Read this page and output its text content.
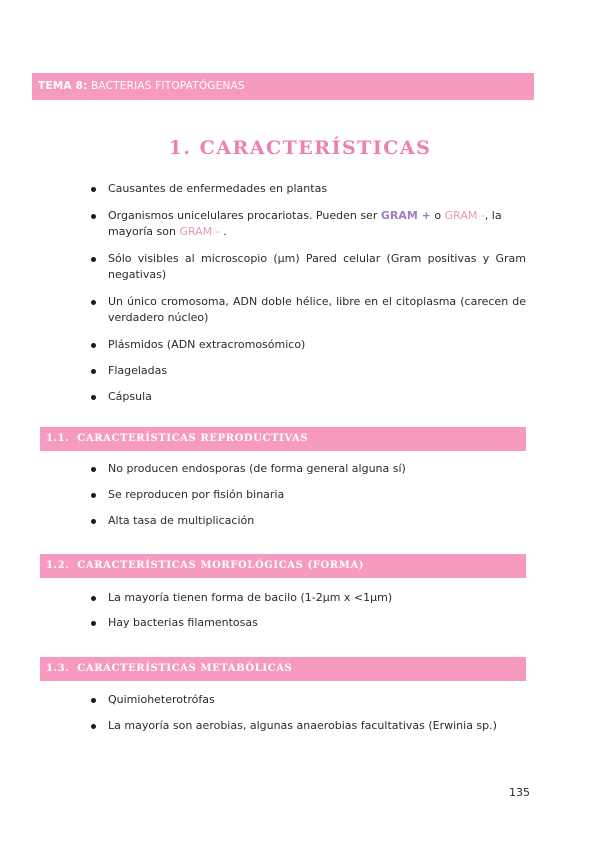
TEMA 8: BACTERIAS FITOPATÓGENAS
1. CARACTERÍSTICAS
Causantes de enfermedades en plantas
Organismos unicelulares procariotas. Pueden ser GRAM + o GRAM -, la mayoría son GRAM - .
Sólo visibles al microscopio (µm) Pared celular (Gram positivas y Gram negativas)
Un único cromosoma, ADN doble hélice, libre en el citoplasma (carecen de verdadero núcleo)
Plásmidos (ADN extracromosómico)
Flageladas
Cápsula
1.1. CARACTERÍSTICAS REPRODUCTIVAS
No producen endosporas (de forma general alguna sí)
Se reproducen por fisión binaria
Alta tasa de multiplicación
1.2. CARACTERÍSTICAS MORFOLÓGICAS (FORMA)
La mayoría tienen forma de bacilo (1-2µm x <1µm)
Hay bacterias filamentosas
1.3. CARACTERÍSTICAS METABÓLICAS
Quimioheterotrófas
La mayoría son aerobias, algunas anaerobias facultativas (Erwinia sp.)
135
